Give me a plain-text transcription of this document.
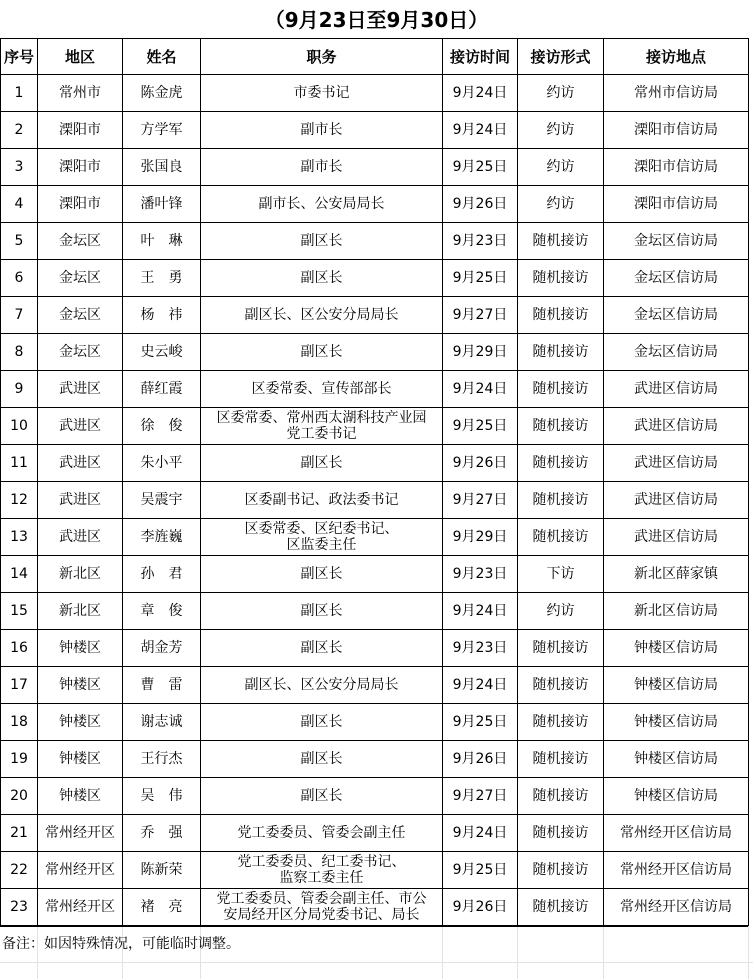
（9月23日至9月30日）
序号	地区	姓名	职务	接访时间	接访形式	接访地点
1	常州市	陈金虎	市委书记	9月24日	约访	常州市信访局
2	溧阳市	方学军	副市长	9月24日	约访	溧阳市信访局
3	溧阳市	张国良	副市长	9月25日	约访	溧阳市信访局
4	溧阳市	潘叶锋	副市长、公安局局长	9月26日	约访	溧阳市信访局
5	金坛区	叶　琳	副区长	9月23日	随机接访	金坛区信访局
6	金坛区	王　勇	副区长	9月25日	随机接访	金坛区信访局
7	金坛区	杨　祎	副区长、区公安分局局长	9月27日	随机接访	金坛区信访局
8	金坛区	史云峻	副区长	9月29日	随机接访	金坛区信访局
9	武进区	薛红霞	区委常委、宣传部部长	9月24日	随机接访	武进区信访局
10	武进区	徐　俊	区委常委、常州西太湖科技产业园
党工委书记	9月25日	随机接访	武进区信访局
11	武进区	朱小平	副区长	9月26日	随机接访	武进区信访局
12	武进区	吴震宇	区委副书记、政法委书记	9月27日	随机接访	武进区信访局
13	武进区	李旌巍	区委常委、区纪委书记、
区监委主任	9月29日	随机接访	武进区信访局
14	新北区	孙　君	副区长	9月23日	下访	新北区薛家镇
15	新北区	章　俊	副区长	9月24日	约访	新北区信访局
16	钟楼区	胡金芳	副区长	9月23日	随机接访	钟楼区信访局
17	钟楼区	曹　雷	副区长、区公安分局局长	9月24日	随机接访	钟楼区信访局
18	钟楼区	谢志诚	副区长	9月25日	随机接访	钟楼区信访局
19	钟楼区	王行杰	副区长	9月26日	随机接访	钟楼区信访局
20	钟楼区	吴　伟	副区长	9月27日	随机接访	钟楼区信访局
21	常州经开区	乔　强	党工委委员、管委会副主任	9月24日	随机接访	常州经开区信访局
22	常州经开区	陈新荣	党工委委员、纪工委书记、
监察工委主任	9月25日	随机接访	常州经开区信访局
23	常州经开区	褚　亮	党工委委员、管委会副主任、市公
安局经开区分局党委书记、局长	9月26日	随机接访	常州经开区信访局
备注：如因特殊情况，可能临时调整。
